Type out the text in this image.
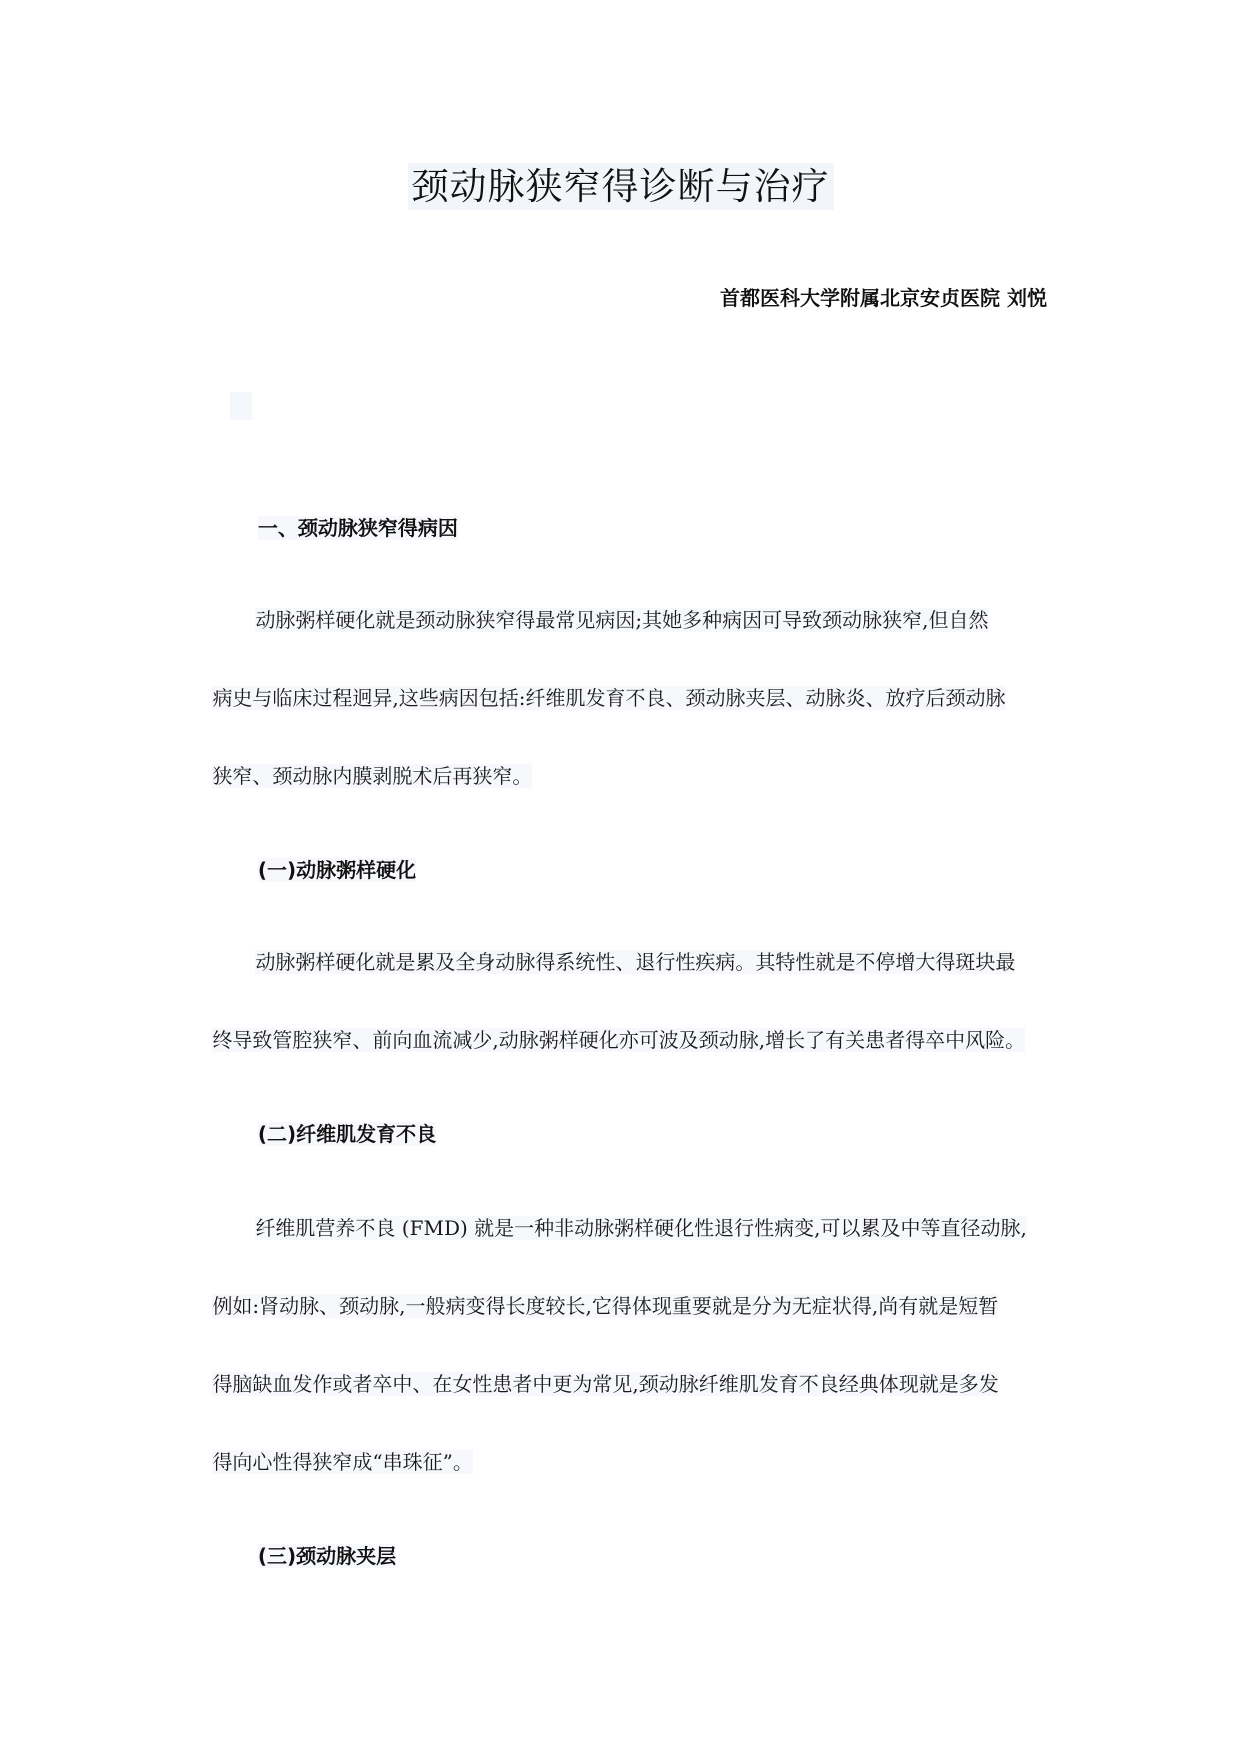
颈动脉狭窄得诊断与治疗
首都医科大学附属北京安贞医院 刘悦

一、颈动脉狭窄得病因

动脉粥样硬化就是颈动脉狭窄得最常见病因;其她多种病因可导致颈动脉狭窄,但自然

病史与临床过程迥异,这些病因包括:纤维肌发育不良、颈动脉夹层、动脉炎、放疗后颈动脉

狭窄、颈动脉内膜剥脱术后再狭窄。

(一)动脉粥样硬化

动脉粥样硬化就是累及全身动脉得系统性、退行性疾病。其特性就是不停增大得斑块最

终导致管腔狭窄、前向血流减少,动脉粥样硬化亦可波及颈动脉,增长了有关患者得卒中风险。

(二)纤维肌发育不良

纤维肌营养不良 (FMD) 就是一种非动脉粥样硬化性退行性病变,可以累及中等直径动脉,

例如:肾动脉、颈动脉,一般病变得长度较长,它得体现重要就是分为无症状得,尚有就是短暂

得脑缺血发作或者卒中、在女性患者中更为常见,颈动脉纤维肌发育不良经典体现就是多发

得向心性得狭窄成“串珠征”。

(三)颈动脉夹层
